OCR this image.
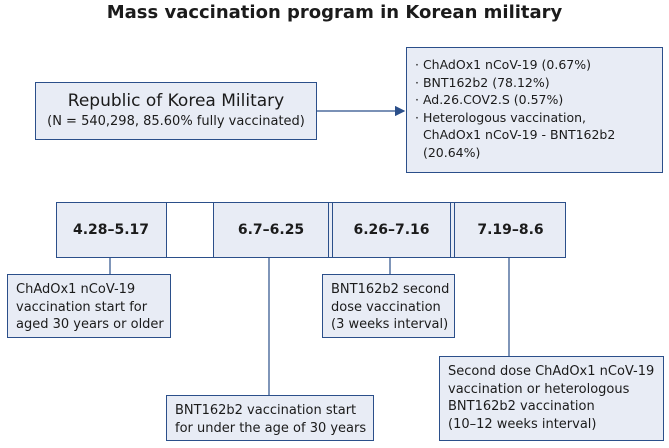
Mass vaccination program in Korean military
Republic of Korea Military
(N = 540,298, 85.60% fully vaccinated)
· ChAdOx1 nCoV-19 (0.67%)
· BNT162b2 (78.12%)
· Ad.26.COV2.S (0.57%)
· Heterologous vaccination,
ChAdOx1 nCoV-19 - BNT162b2
(20.64%)
4.28–5.17	6.7–6.25	6.26–7.16	7.19–8.6
ChAdOx1 nCoV-19
vaccination start for
aged 30 years or older
BNT162b2 vaccination start
for under the age of 30 years
BNT162b2 second
dose vaccination
(3 weeks interval)
Second dose ChAdOx1 nCoV-19
vaccination or heterologous
BNT162b2 vaccination
(10–12 weeks interval)
